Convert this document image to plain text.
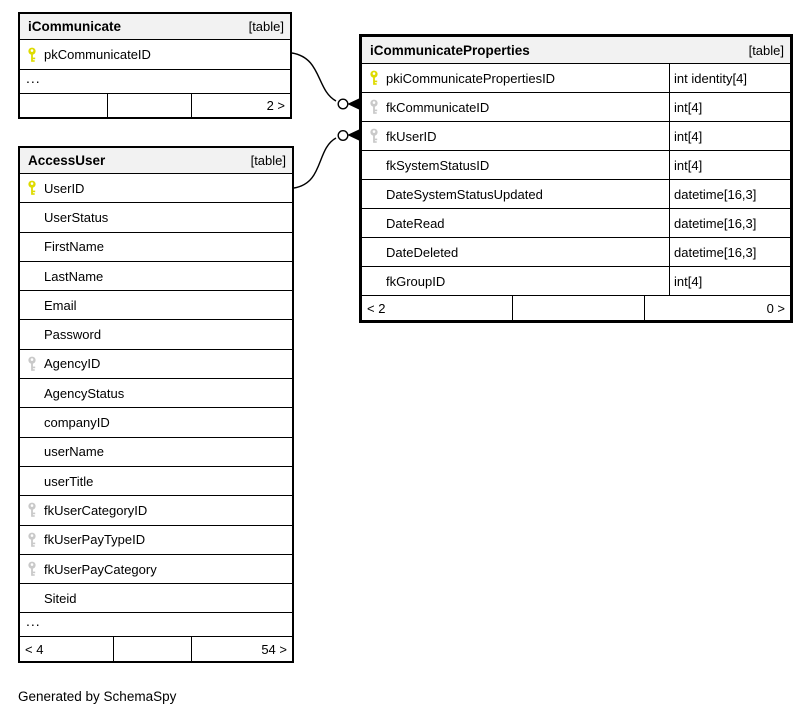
iCommunicate	[table]
pkCommunicateID
...
2 >
AccessUser	[table]
UserID
UserStatus
FirstName
LastName
Email
Password
AgencyID
AgencyStatus
companyID
userName
userTitle
fkUserCategoryID
fkUserPayTypeID
fkUserPayCategory
Siteid
...
< 4	54 >
iCommunicateProperties	[table]
pkiCommunicatePropertiesID	int identity[4]
fkCommunicateID	int[4]
fkUserID	int[4]
fkSystemStatusID	int[4]
DateSystemStatusUpdated	datetime[16,3]
DateRead	datetime[16,3]
DateDeleted	datetime[16,3]
fkGroupID	int[4]
< 2	0 >
Generated by SchemaSpy
